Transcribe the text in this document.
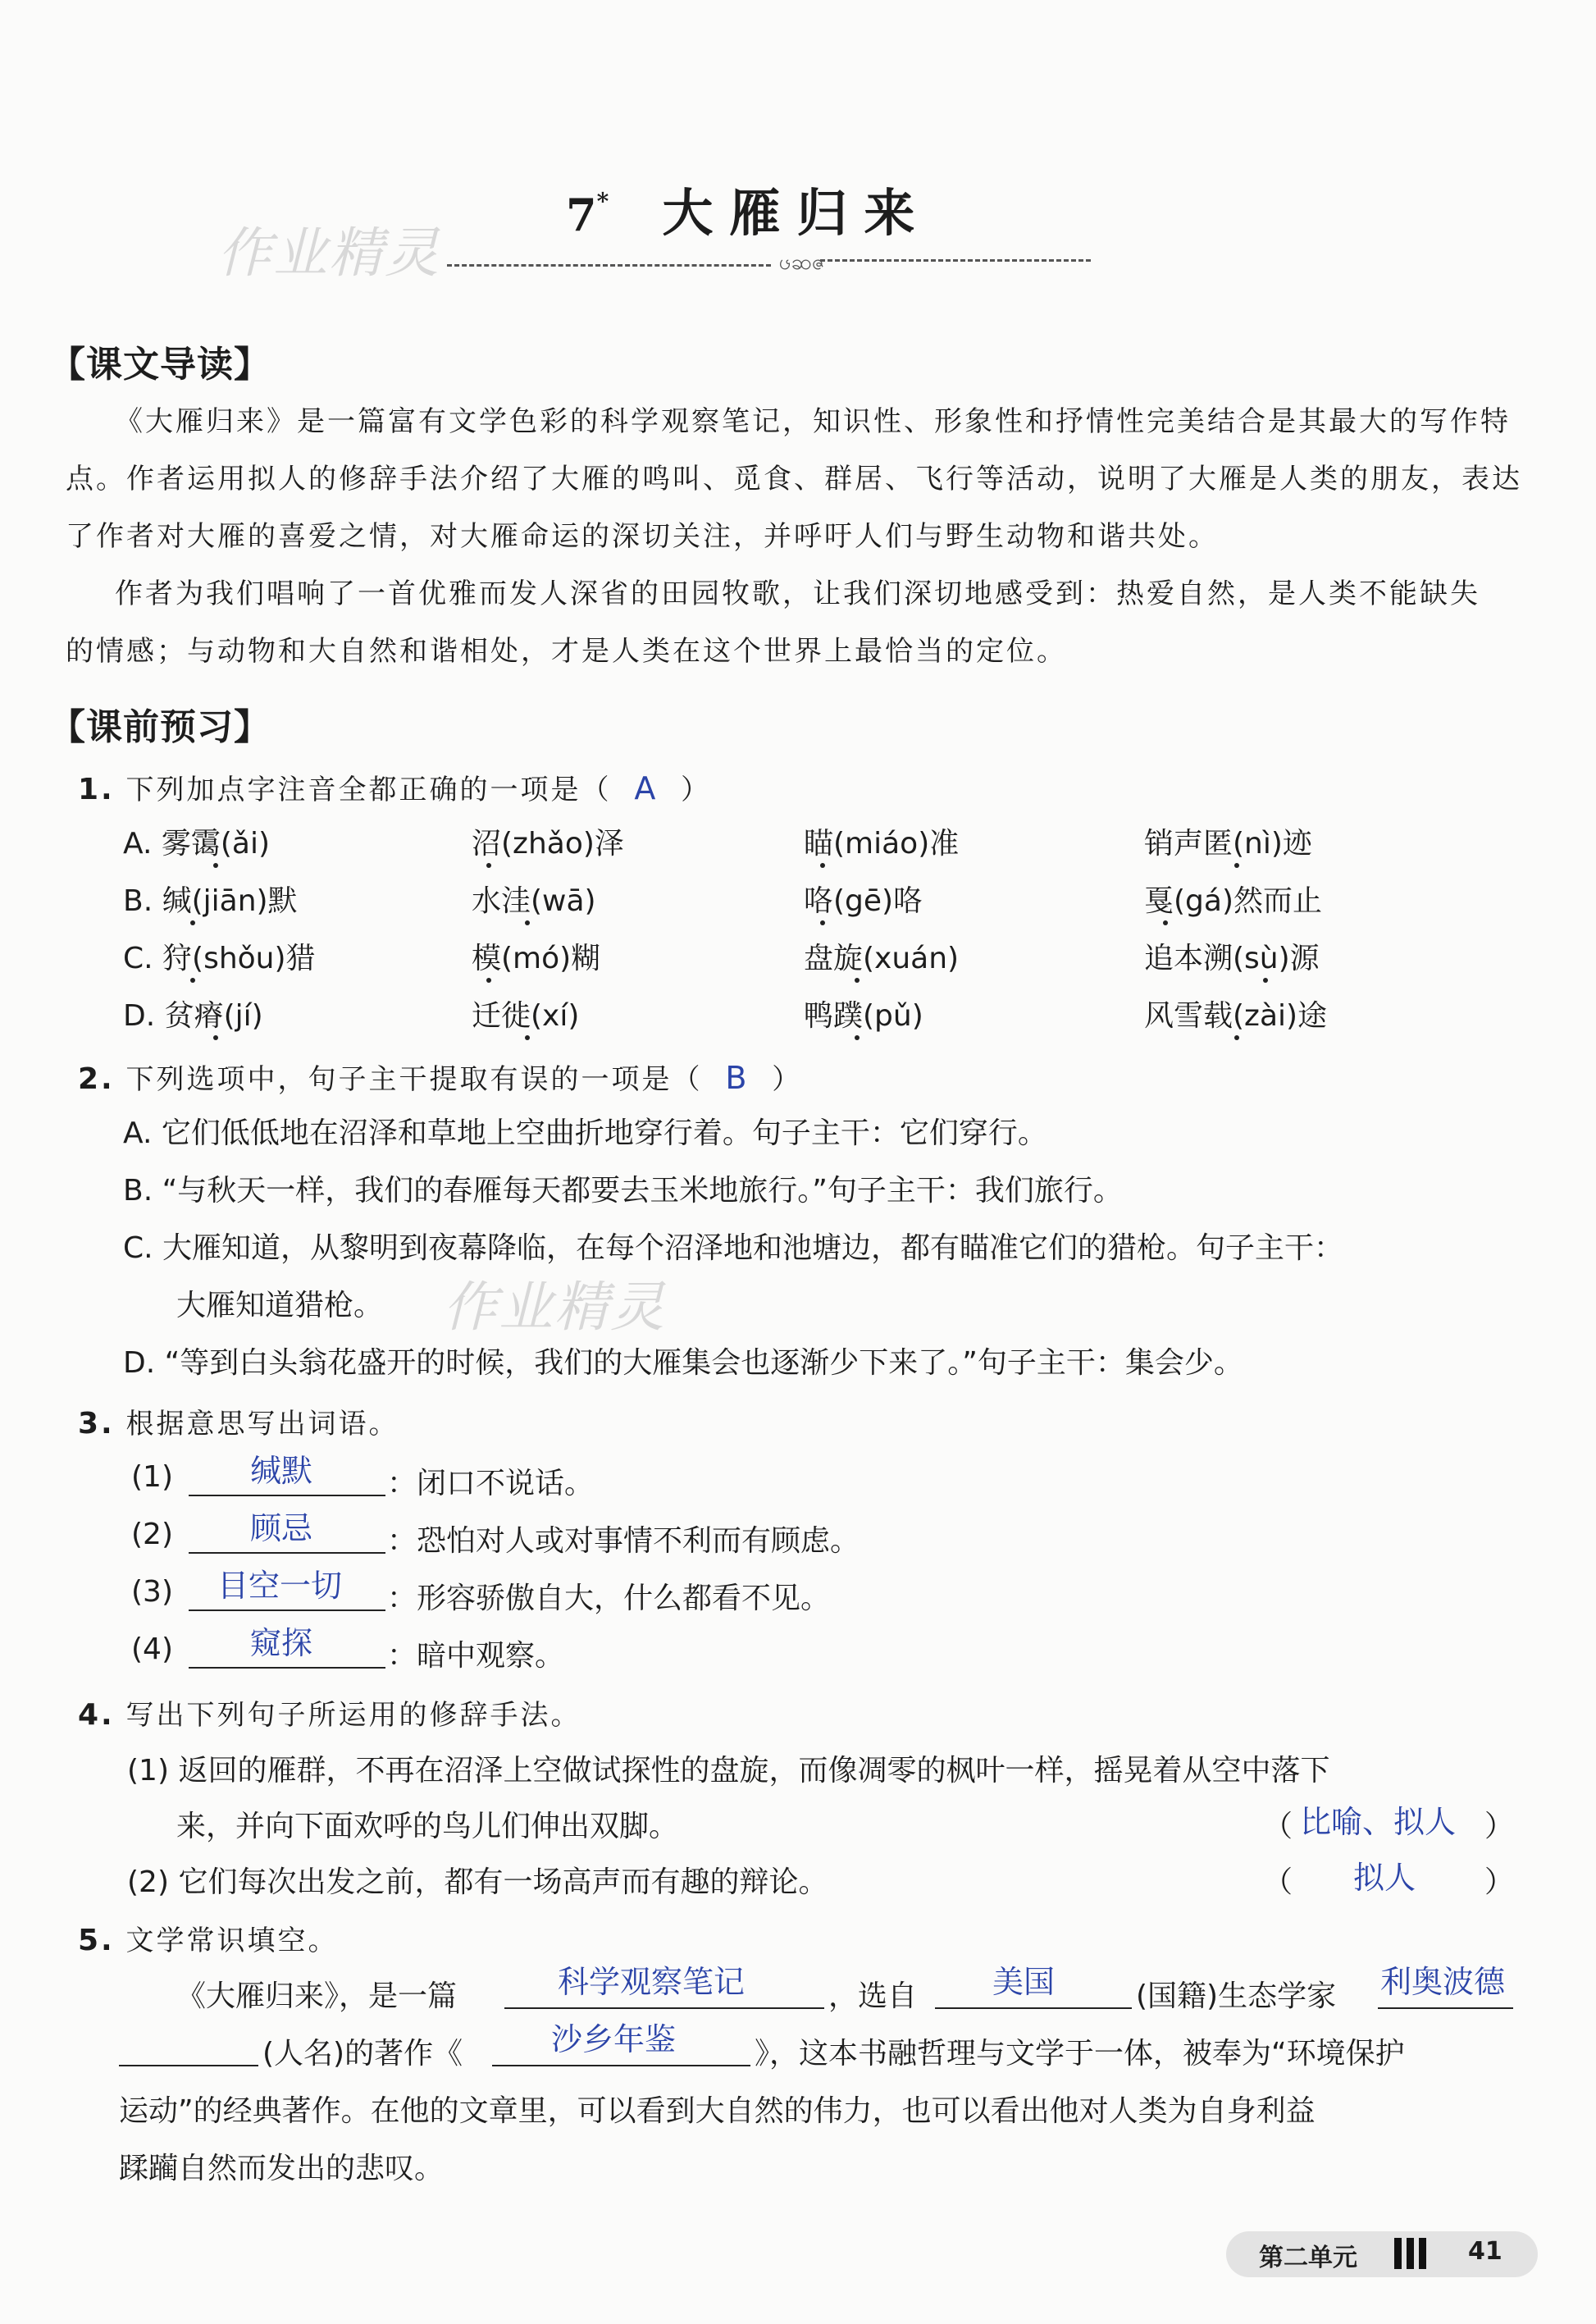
作业精灵
7* 大雁归来
ၒဆဇ
【课文导读】
《大雁归来》是一篇富有文学色彩的科学观察笔记，知识性、形象性和抒情性完美结合是其最大的写作特
点。作者运用拟人的修辞手法介绍了大雁的鸣叫、觅食、群居、飞行等活动，说明了大雁是人类的朋友，表达
了作者对大雁的喜爱之情，对大雁命运的深切关注，并呼吁人们与野生动物和谐共处。
作者为我们唱响了一首优雅而发人深省的田园牧歌，让我们深切地感受到：热爱自然，是人类不能缺失
的情感；与动物和大自然和谐相处，才是人类在这个世界上最恰当的定位。
【课前预习】
1. 下列加点字注音全都正确的一项是（ A ）
A. 雾霭(ǎi)	沼(zhǎo)泽	瞄(miáo)准	销声匿(nì)迹
B. 缄(jiān)默	水洼(wā)	咯(gē)咯	戛(gá)然而止
C. 狩(shǒu)猎	模(mó)糊	盘旋(xuán)	追本溯(sù)源
D. 贫瘠(jí)	迁徙(xí)	鸭蹼(pǔ)	风雪载(zài)途
2. 下列选项中，句子主干提取有误的一项是（ B ）
A. 它们低低地在沼泽和草地上空曲折地穿行着。句子主干：它们穿行。
B. “与秋天一样，我们的春雁每天都要去玉米地旅行。”句子主干：我们旅行。
C. 大雁知道，从黎明到夜幕降临，在每个沼泽地和池塘边，都有瞄准它们的猎枪。句子主干：
大雁知道猎枪。 作业精灵
D. “等到白头翁花盛开的时候，我们的大雁集会也逐渐少下来了。”句子主干：集会少。
3. 根据意思写出词语。
(1) 缄默	：闭口不说话。
(2) 顾忌	：恐怕对人或对事情不利而有顾虑。
(3) 目空一切 ：形容骄傲自大，什么都看不见。
(4) 窥探	：暗中观察。
4. 写出下列句子所运用的修辞手法。
(1) 返回的雁群，不再在沼泽上空做试探性的盘旋，而像凋零的枫叶一样，摇晃着从空中落下
来，并向下面欢呼的鸟儿们伸出双脚。	（ 比喻、拟人 ）
(2) 它们每次出发之前，都有一场高声而有趣的辩论。	（ 拟人 ）
5. 文学常识填空。
《大雁归来》，是一篇	科学观察笔记	，选自 美国	(国籍)生态学家 利奥波德
(人名)的著作《	沙乡年鉴	》，这本书融哲理与文学于一体，被奉为“环境保护
运动”的经典著作。在他的文章里，可以看到大自然的伟力，也可以看出他对人类为自身利益
蹂躏自然而发出的悲叹。
第二单元	41
